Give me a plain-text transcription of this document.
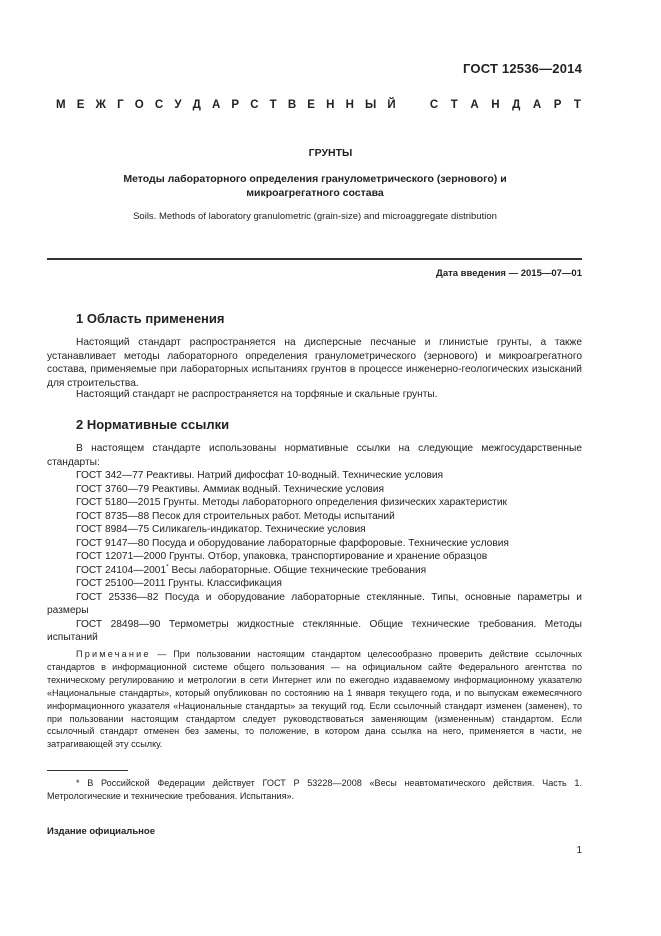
ГОСТ 12536—2014
М Е Ж Г О С У Д А Р С Т В Е Н Н Ы Й	С Т А Н Д А Р Т
ГРУНТЫ
Методы лабораторного определения гранулометрического (зернового) и микроагрегатного состава
Soils. Methods of laboratory granulometric (grain-size) and microaggregate distribution
Дата введения — 2015—07—01
1 Область применения
Настоящий стандарт распространяется на дисперсные песчаные и глинистые грунты, а также устанавливает методы лабораторного определения гранулометрического (зернового) и микроагрегатного состава, применяемые при лабораторных испытаниях грунтов в процессе инженерно-геологических изысканий для строительства.
Настоящий стандарт не распространяется на торфяные и скальные грунты.
2 Нормативные ссылки
В настоящем стандарте использованы нормативные ссылки на следующие межгосударственные стандарты:
ГОСТ 342—77 Реактивы. Натрий дифосфат 10-водный. Технические условия
ГОСТ 3760—79 Реактивы. Аммиак водный. Технические условия
ГОСТ 5180—2015 Грунты. Методы лабораторного определения физических характеристик
ГОСТ 8735—88 Песок для строительных работ. Методы испытаний
ГОСТ 8984—75 Силикагель-индикатор. Технические условия
ГОСТ 9147—80 Посуда и оборудование лабораторные фарфоровые. Технические условия
ГОСТ 12071—2000 Грунты. Отбор, упаковка, транспортирование и хранение образцов
ГОСТ 24104—2001* Весы лабораторные. Общие технические требования
ГОСТ 25100—2011 Грунты. Классификация
ГОСТ 25336—82 Посуда и оборудование лабораторные стеклянные. Типы, основные параметры и размеры
ГОСТ 28498—90 Термометры жидкостные стеклянные. Общие технические требования. Методы испытаний
Примечание — При пользовании настоящим стандартом целесообразно проверить действие ссылочных стандартов в информационной системе общего пользования — на официальном сайте Федерального агентства по техническому регулированию и метрологии в сети Интернет или по ежегодно издаваемому информационному указателю «Национальные стандарты», который опубликован по состоянию на 1 января текущего года, и по выпускам ежемесячного информационного указателя «Национальные стандарты» за текущий год. Если ссылочный стандарт изменен (заменен), то при пользовании настоящим стандартом следует руководствоваться заменяющим (измененным) стандартом. Если ссылочный стандарт отменен без замены, то положение, в котором дана ссылка на него, применяется в части, не затрагивающей эту ссылку.
* В Российской Федерации действует ГОСТ Р 53228—2008 «Весы неавтоматического действия. Часть 1. Метрологические и технические требования. Испытания».
Издание официальное
1
